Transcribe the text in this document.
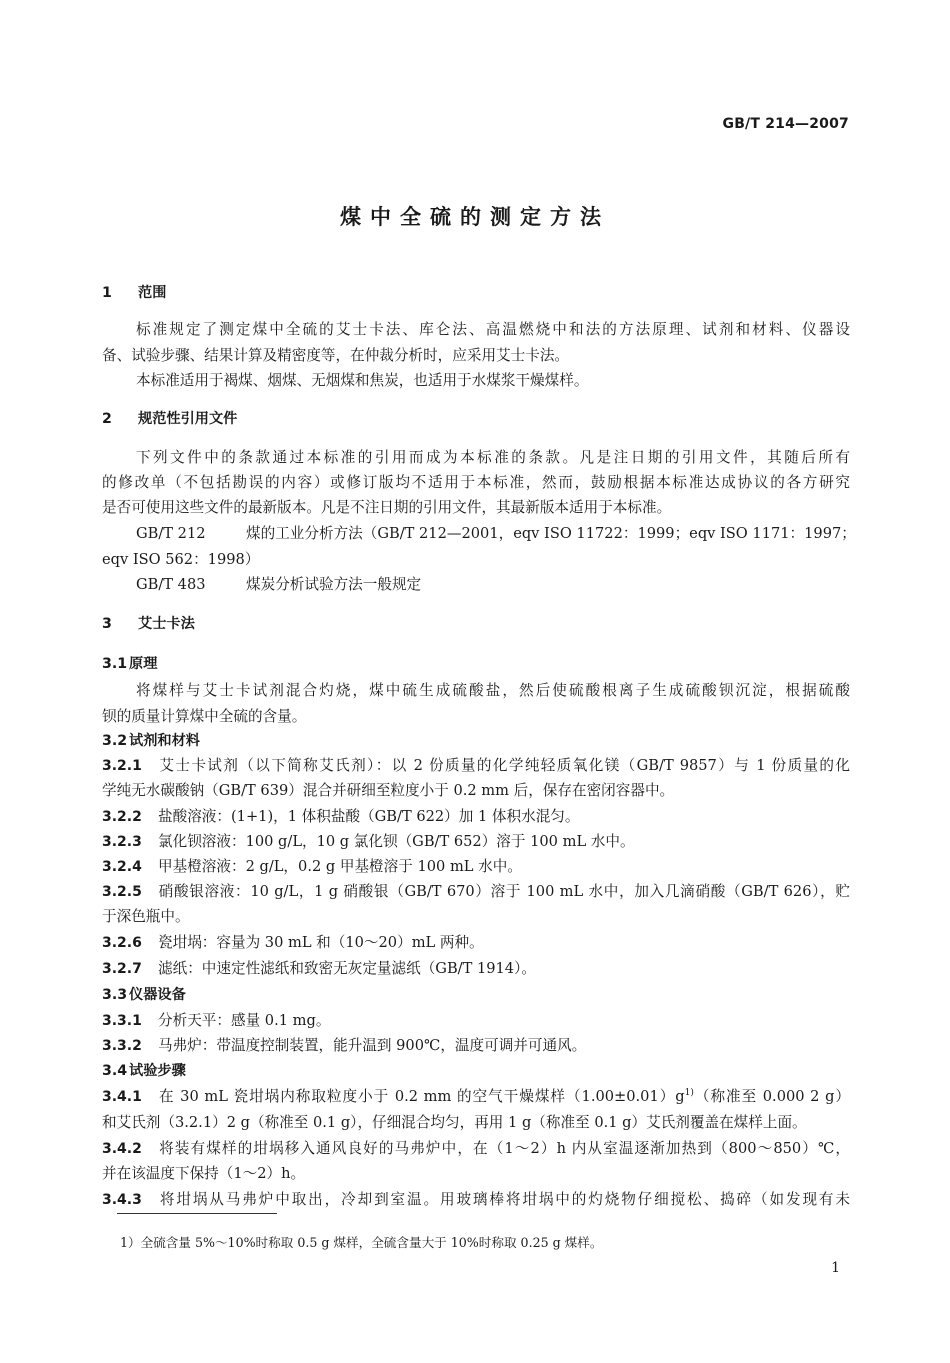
GB/T 214—2007
煤中全硫的测定方法
1 范围
标准规定了测定煤中全硫的艾士卡法、库仑法、高温燃烧中和法的方法原理、试剂和材料、仪器设
备、试验步骤、结果计算及精密度等，在仲裁分析时，应采用艾士卡法。
本标准适用于褐煤、烟煤、无烟煤和焦炭，也适用于水煤浆干燥煤样。
2 规范性引用文件
下列文件中的条款通过本标准的引用而成为本标准的条款。凡是注日期的引用文件，其随后所有
的修改单（不包括勘误的内容）或修订版均不适用于本标准，然而，鼓励根据本标准达成协议的各方研究
是否可使用这些文件的最新版本。凡是不注日期的引用文件，其最新版本适用于本标准。
GB/T 212	煤的工业分析方法（GB/T 212—2001，eqv ISO 11722：1999；eqv ISO 1171：1997；
eqv ISO 562：1998）
GB/T 483	煤炭分析试验方法一般规定
3 艾士卡法
3.1 原理
将煤样与艾士卡试剂混合灼烧，煤中硫生成硫酸盐，然后使硫酸根离子生成硫酸钡沉淀，根据硫酸
钡的质量计算煤中全硫的含量。
3.2 试剂和材料
3.2.1 艾士卡试剂（以下简称艾氏剂）：以 2 份质量的化学纯轻质氧化镁（GB/T 9857）与 1 份质量的化
学纯无水碳酸钠（GB/T 639）混合并研细至粒度小于 0.2 mm 后，保存在密闭容器中。
3.2.2 盐酸溶液：(1+1)，1 体积盐酸（GB/T 622）加 1 体积水混匀。
3.2.3 氯化钡溶液：100 g/L，10 g 氯化钡（GB/T 652）溶于 100 mL 水中。
3.2.4 甲基橙溶液：2 g/L，0.2 g 甲基橙溶于 100 mL 水中。
3.2.5 硝酸银溶液：10 g/L，1 g 硝酸银（GB/T 670）溶于 100 mL 水中，加入几滴硝酸（GB/T 626），贮
于深色瓶中。
3.2.6 瓷坩埚：容量为 30 mL 和（10～20）mL 两种。
3.2.7 滤纸：中速定性滤纸和致密无灰定量滤纸（GB/T 1914）。
3.3 仪器设备
3.3.1 分析天平：感量 0.1 mg。
3.3.2 马弗炉：带温度控制装置，能升温到 900℃，温度可调并可通风。
3.4 试验步骤
3.4.1 在 30 mL 瓷坩埚内称取粒度小于 0.2 mm 的空气干燥煤样$(1.00\pm 0.01)g^{1)}$（称准至 0.000 2 g）
和艾氏剂（3.2.1）2 g（称准至 0.1 g），仔细混合均匀，再用 1 g（称准至 0.1 g）艾氏剂覆盖在煤样上面。
3.4.2 将装有煤样的坩埚移入通风良好的马弗炉中，在（1～2）h 内从室温逐渐加热到（800～850）℃，
并在该温度下保持（1～2）h。
3.4.3 将坩埚从马弗炉中取出，冷却到室温。用玻璃棒将坩埚中的灼烧物仔细搅松、捣碎（如发现有未
1）全硫含量 5%～10%时称取 0.5 g 煤样，全硫含量大于 10%时称取 0.25 g 煤样。
1
